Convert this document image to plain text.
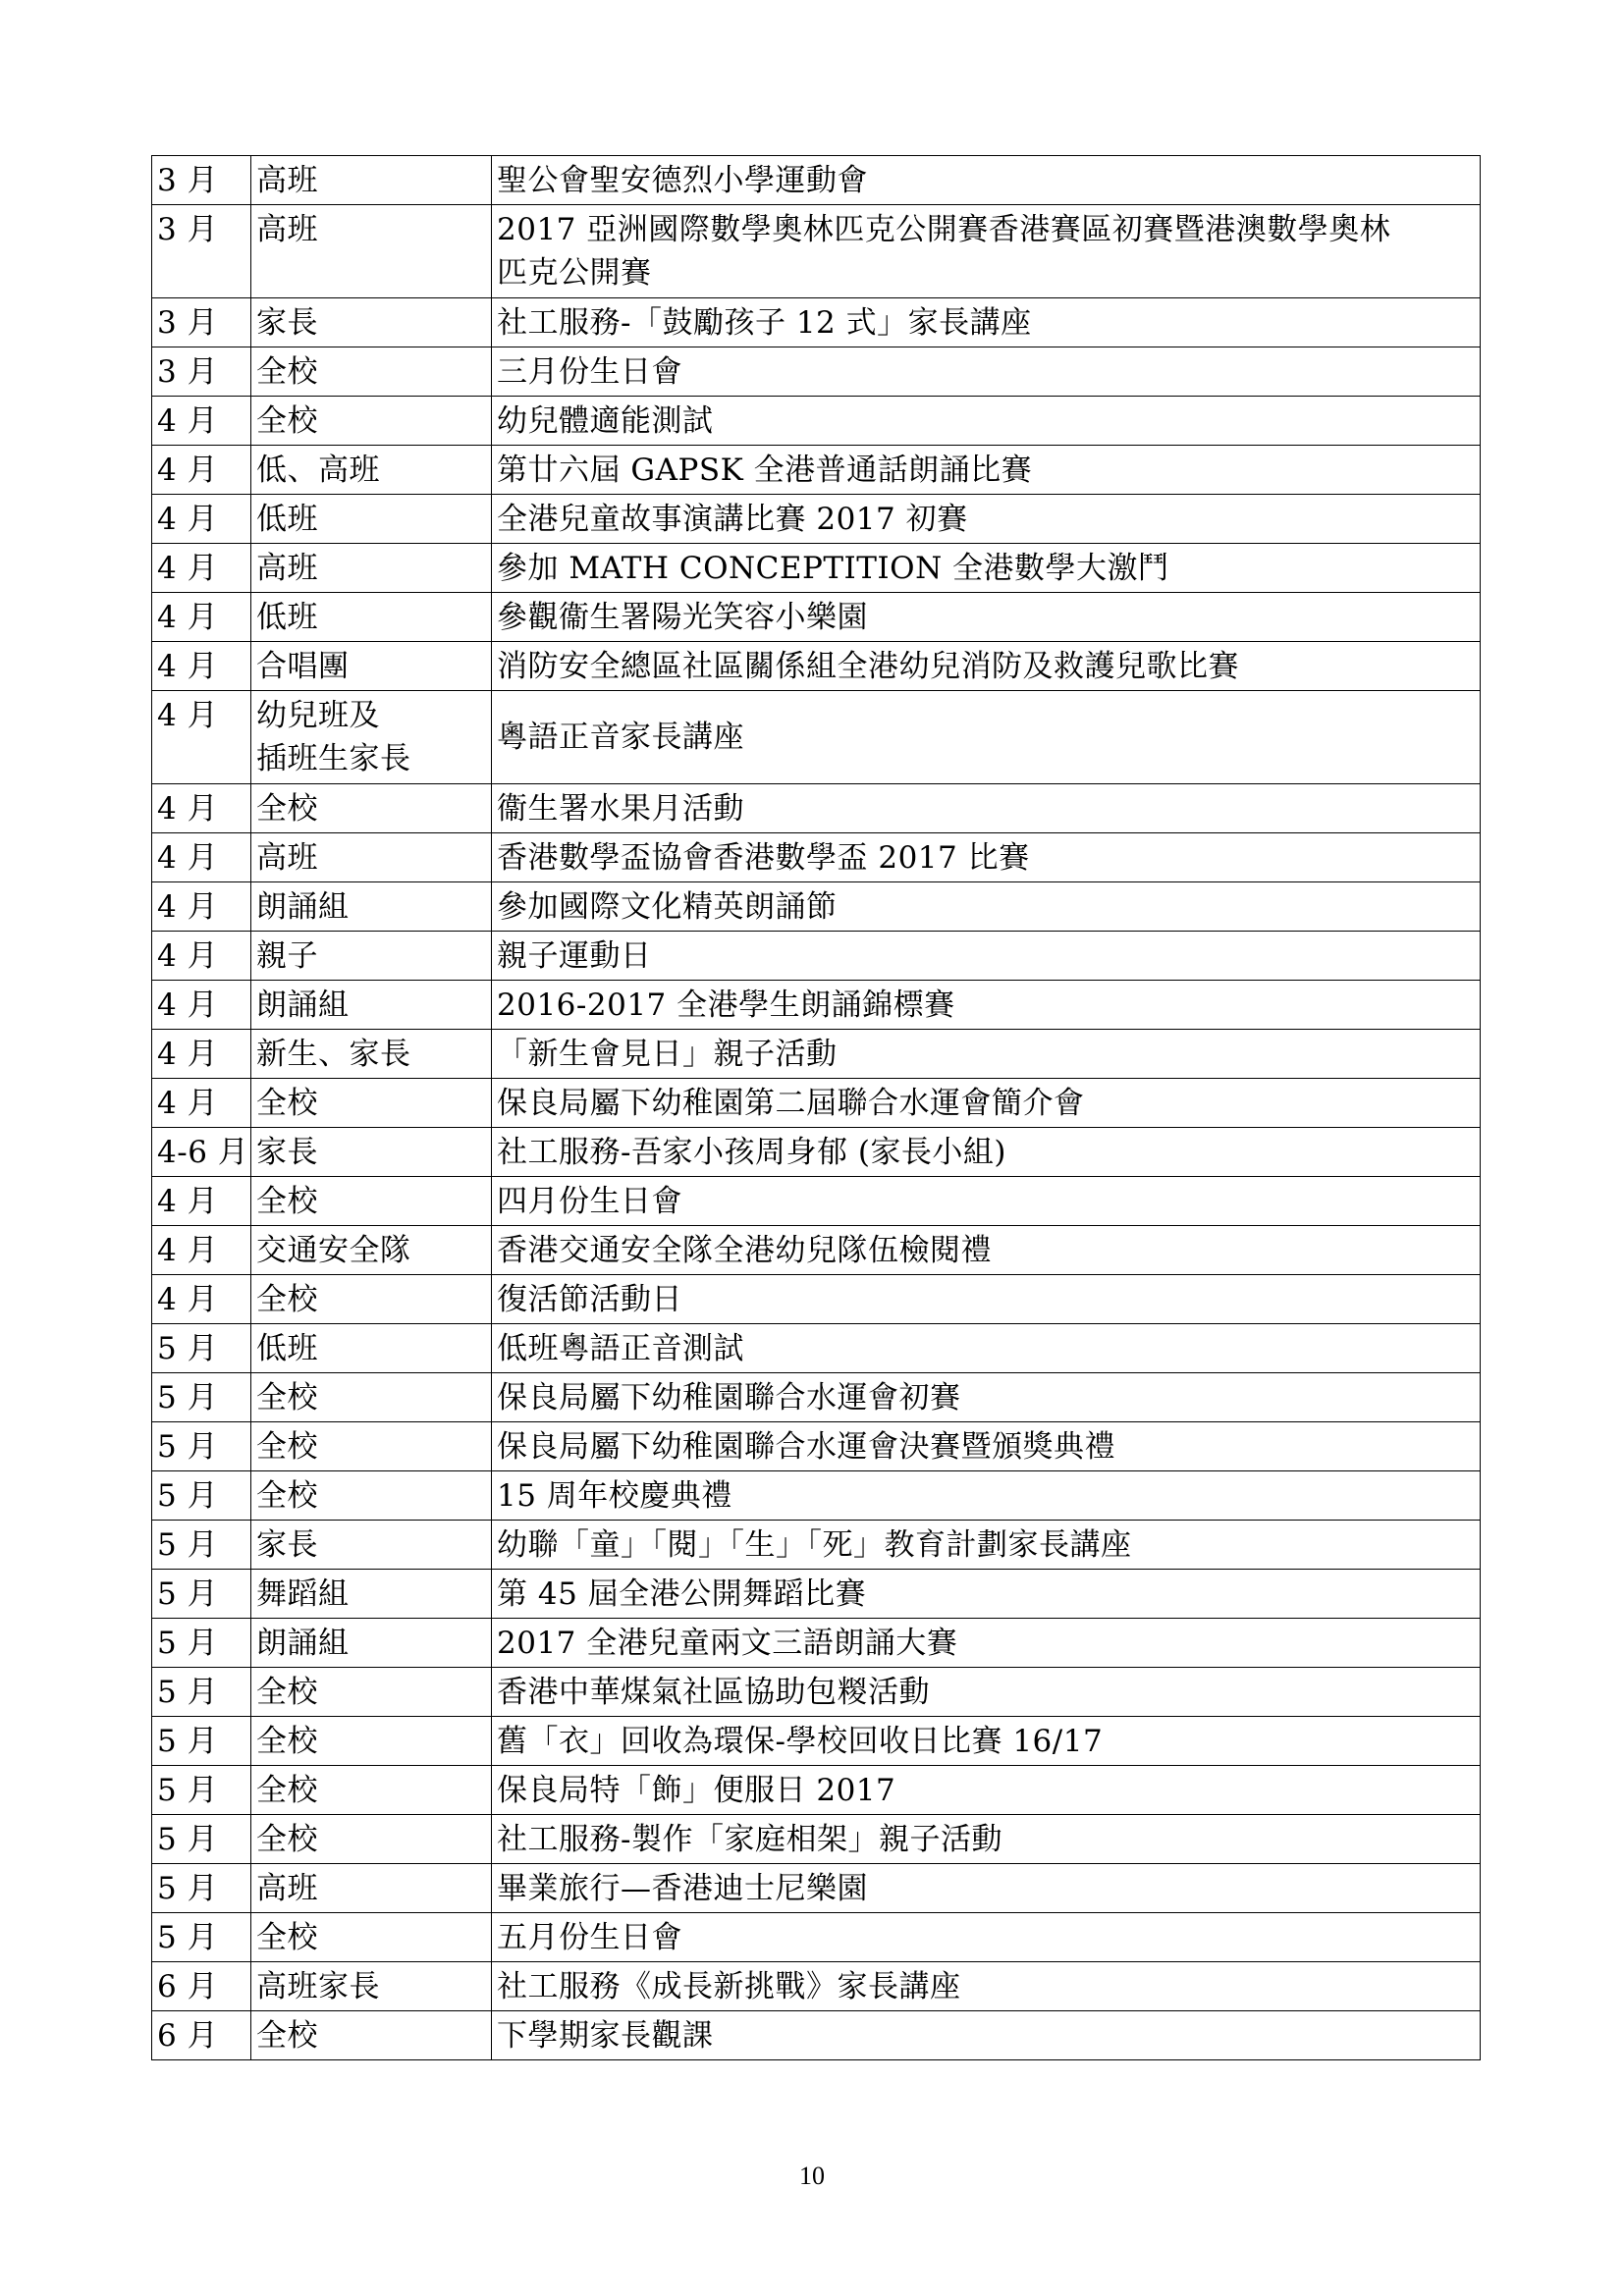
3 月	高班	聖公會聖安德烈小學運動會
3 月	高班	2017 亞洲國際數學奧林匹克公開賽香港賽區初賽暨港澳數學奧林
匹克公開賽

3 月	家長	社工服務-「鼓勵孩子 12 式」家長講座
3 月	全校	三月份生日會
4 月	全校	幼兒體適能測試
4 月	低、高班	第廿六屆 GAPSK 全港普通話朗誦比賽
4 月	低班	全港兒童故事演講比賽 2017 初賽
4 月	高班	參加 MATH CONCEPTITION 全港數學大激鬥
4 月	低班	參觀衞生署陽光笑容小樂園
4 月	合唱團	消防安全總區社區關係組全港幼兒消防及救護兒歌比賽
4 月	幼兒班及
插班生家長	粵語正音家長講座
4 月	全校	衞生署水果月活動
4 月	高班	香港數學盃協會香港數學盃 2017 比賽
4 月	朗誦組	參加國際文化精英朗誦節
4 月	親子	親子運動日
4 月	朗誦組	2016-2017 全港學生朗誦錦標賽
4 月	新生、家長	「新生會見日」親子活動
4 月	全校	保良局屬下幼稚園第二屆聯合水運會簡介會
4-6 月	家長	社工服務-吾家小孩周身郁 (家長小組)
4 月	全校	四月份生日會
4 月	交通安全隊	香港交通安全隊全港幼兒隊伍檢閱禮
4 月	全校	復活節活動日
5 月	低班	低班粵語正音測試
5 月	全校	保良局屬下幼稚園聯合水運會初賽
5 月	全校	保良局屬下幼稚園聯合水運會決賽暨頒獎典禮
5 月	全校	15 周年校慶典禮
5 月	家長	幼聯「童」「閱」「生」「死」教育計劃家長講座
5 月	舞蹈組	第 45 屆全港公開舞蹈比賽
5 月	朗誦組	2017 全港兒童兩文三語朗誦大賽
5 月	全校	香港中華煤氣社區協助包糉活動
5 月	全校	舊「衣」回收為環保-學校回收日比賽 16/17
5 月	全校	保良局特「飾」便服日 2017
5 月	全校	社工服務-製作「家庭相架」親子活動
5 月	高班	畢業旅行—香港迪士尼樂園
5 月	全校	五月份生日會
6 月	高班家長	社工服務《成長新挑戰》家長講座
6 月	全校	下學期家長觀課
10
